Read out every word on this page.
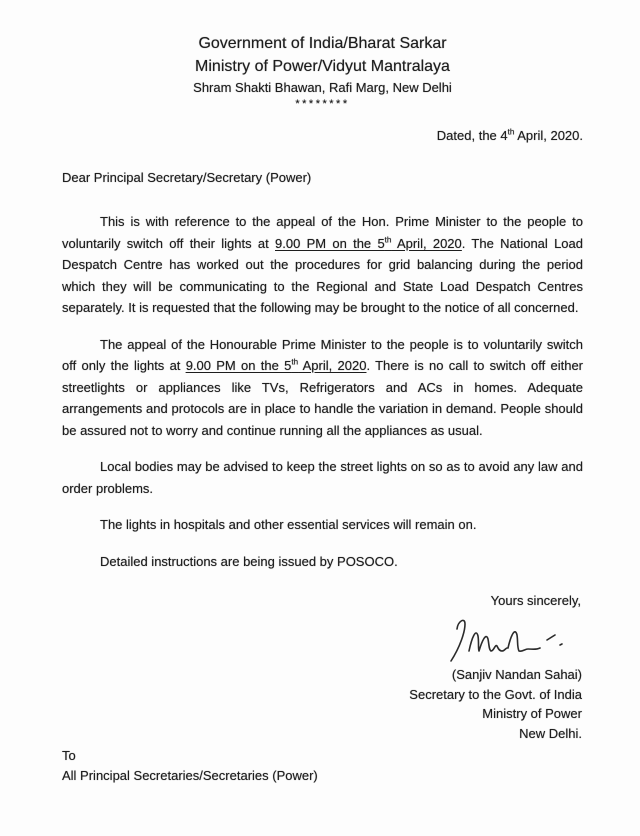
Government of India/Bharat Sarkar
Ministry of Power/Vidyut Mantralaya
Shram Shakti Bhawan, Rafi Marg, New Delhi
********
Dated, the 4th April, 2020.
Dear Principal Secretary/Secretary (Power)

This is with reference to the appeal of the Hon. Prime Minister to the people to voluntarily switch off their lights at 9.00 PM on the 5th April, 2020. The National Load Despatch Centre has worked out the procedures for grid balancing during the period which they will be communicating to the Regional and State Load Despatch Centres separately. It is requested that the following may be brought to the notice of all concerned.

The appeal of the Honourable Prime Minister to the people is to voluntarily switch off only the lights at 9.00 PM on the 5th April, 2020. There is no call to switch off either streetlights or appliances like TVs, Refrigerators and ACs in homes. Adequate arrangements and protocols are in place to handle the variation in demand. People should be assured not to worry and continue running all the appliances as usual.

Local bodies may be advised to keep the street lights on so as to avoid any law and order problems.

The lights in hospitals and other essential services will remain on.

Detailed instructions are being issued by POSOCO.

Yours sincerely,
(Sanjiv Nandan Sahai)
Secretary to the Govt. of India
Ministry of Power
New Delhi.
To
All Principal Secretaries/Secretaries (Power)
